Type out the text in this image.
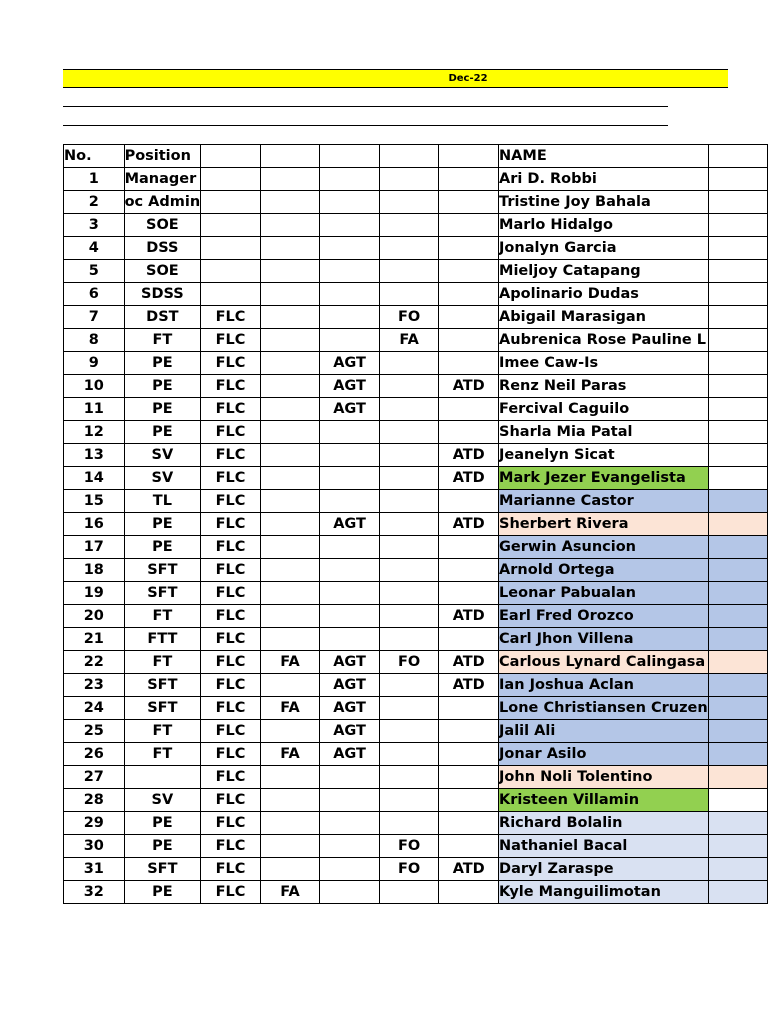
Dec-22
No.	Position						NAME	
1	Manager						Ari D. Robbi	
2	oc Admin						Tristine Joy Bahala	
3	SOE						Marlo Hidalgo	
4	DSS						Jonalyn Garcia	
5	SOE						Mieljoy Catapang	
6	SDSS						Apolinario Dudas	
7	DST	FLC			FO		Abigail Marasigan	
8	FT	FLC			FA		Aubrenica Rose Pauline L	
9	PE	FLC		AGT			Imee Caw-Is	
10	PE	FLC		AGT		ATD	Renz Neil Paras	
11	PE	FLC		AGT			Fercival Caguilo	
12	PE	FLC					Sharla Mia Patal	
13	SV	FLC				ATD	Jeanelyn Sicat	
14	SV	FLC				ATD	Mark Jezer Evangelista	
15	TL	FLC					Marianne Castor	
16	PE	FLC		AGT		ATD	Sherbert Rivera	
17	PE	FLC					Gerwin Asuncion	
18	SFT	FLC					Arnold Ortega	
19	SFT	FLC					Leonar Pabualan	
20	FT	FLC				ATD	Earl Fred Orozco	
21	FTT	FLC					Carl Jhon Villena	
22	FT	FLC	FA	AGT	FO	ATD	Carlous Lynard Calingasa	
23	SFT	FLC		AGT		ATD	Ian Joshua Aclan	
24	SFT	FLC	FA	AGT			Lone Christiansen Cruzen	
25	FT	FLC		AGT			Jalil Ali	
26	FT	FLC	FA	AGT			Jonar Asilo	
27		FLC					John Noli Tolentino	
28	SV	FLC					Kristeen Villamin	
29	PE	FLC					Richard Bolalin	
30	PE	FLC			FO		Nathaniel Bacal	
31	SFT	FLC			FO	ATD	Daryl Zaraspe	
32	PE	FLC	FA				Kyle Manguilimotan	
